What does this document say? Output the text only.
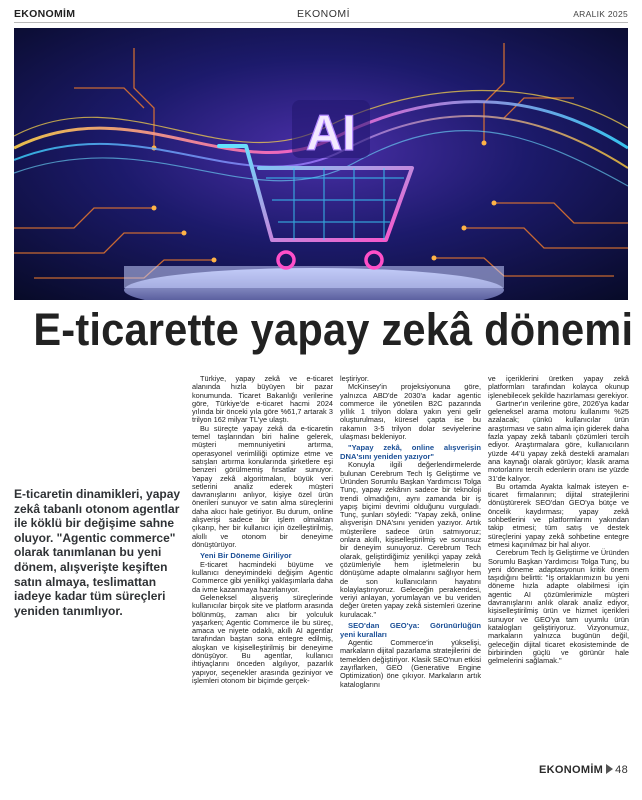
EKONOMİM	EKONOMİ	ARALIK 2025
AI
E-ticarette yapay zekâ dönemi
E-ticaretin dinamikleri, yapay zekâ tabanlı otonom agentlar ile köklü bir değişime sahne oluyor. "Agentic commerce" olarak tanımlanan bu yeni dönem, alışverişte keşiften satın almaya, teslimattan iadeye kadar tüm süreçleri yeniden tanımlıyor.

Türkiye, yapay zekâ ve e-ticaret alanında hızla büyüyen bir pazar konumunda. Ticaret Bakanlığı verilerine göre, Türkiye'de e-ticaret hacmi 2024 yılında bir önceki yıla göre %61,7 artarak 3 trilyon 162 milyar TL'ye ulaştı.

Bu süreçte yapay zekâ da e-ticaretin temel taşlarından biri haline gelerek, müşteri memnuniyetini artırma, operasyonel verimliliği optimize etme ve satışları artırma konularında şirketlere eşi benzeri görülmemiş fırsatlar sunuyor. Yapay zekâ algoritmaları, büyük veri setlerini analiz ederek müşteri davranışlarını anlıyor, kişiye özel ürün önerileri sunuyor ve satın alma süreçlerini daha akıcı hale getiriyor. Bu durum, online alışverişi sadece bir işlem olmaktan çıkarıp, her bir kullanıcı için özelleştirilmiş, akıllı ve otonom bir deneyime dönüştürüyor.

Yeni Bir Döneme Giriliyor

E-ticaret hacmindeki büyüme ve kullanıcı deneyimindeki değişim Agentic Commerce gibi yenilikçi yaklaşımlarla daha da ivme kazanmaya hazırlanıyor.

Geleneksel alışveriş süreçlerinde kullanıcılar birçok site ve platform arasında bölünmüş, zaman alıcı bir yolculuk yaşarken; Agentic Commerce ile bu süreç, amaca ve niyete odaklı, akıllı AI agentlar tarafından baştan sona entegre edilmiş, akışkan ve kişiselleştirilmiş bir deneyime dönüşüyor. Bu agentlar, kullanıcı ihtiyaçlarını önceden algılıyor, pazarlık yapıyor, seçenekler arasında geziniyor ve işlemleri otonom bir biçimde gerçek-

leştiriyor.

McKinsey'in projeksiyonuna göre, yalnızca ABD'de 2030'a kadar agentic commerce ile yönetilen B2C pazarında yıllık 1 trilyon dolara yakın yeni gelir oluşturulması, küresel çapta ise bu rakamın 3-5 trilyon dolar seviyelerine ulaşması bekleniyor.

"Yapay zekâ, online alışverişin DNA'sını yeniden yazıyor"

Konuyla ilgili değerlendirmelerde bulunan Cerebrum Tech İş Geliştirme ve Üründen Sorumlu Başkan Yardımcısı Tolga Tunç, yapay zekânın sadece bir teknoloji trendi olmadığını, aynı zamanda bir iş yapış biçimi devrimi olduğunu vurguladı. Tunç, şunları söyledi: "Yapay zekâ, online alışverişin DNA'sını yeniden yazıyor. Artık müşterilere sadece ürün satmıyoruz; onlara akıllı, kişiselleştirilmiş ve sorunsuz bir deneyim sunuyoruz. Cerebrum Tech olarak, geliştirdiğimiz yenilikçi yapay zekâ çözümleriyle hem işletmelerin bu dönüşüme adapte olmalarını sağlıyor hem de son kullanıcıların hayatını kolaylaştırıyoruz. Geleceğin perakendesi, veriyi anlayan, yorumlayan ve bu veriden değer üreten yapay zekâ sistemleri üzerine kurulacak."

SEO'dan GEO'ya: Görünürlüğün yeni kuralları

Agentic Commerce'in yükselişi, markaların dijital pazarlama stratejilerini de temelden değiştiriyor. Klasik SEO'nun etkisi zayıflarken, GEO (Generative Engine Optimization) öne çıkıyor. Markaların artık kataloglarını

ve içeriklerini üretken yapay zekâ platformları tarafından kolayca okunup işlenebilecek şekilde hazırlaması gerekiyor.

Gartner'ın verilerine göre, 2026'ya kadar geleneksel arama motoru kullanımı %25 azalacak; çünkü kullanıcılar ürün araştırması ve satın alma için giderek daha fazla yapay zekâ tabanlı çözümleri tercih ediyor. Araştırmalara göre, kullanıcıların yüzde 44'ü yapay zekâ destekli aramaları ana kaynağı olarak görüyor; klasik arama motorlarını tercih edenlerin oranı ise yüzde 31'de kalıyor.

Bu ortamda Ayakta kalmak isteyen e-ticaret firmalarının; dijital stratejilerini dönüştürerek SEO'dan GEO'ya bütçe ve öncelik kaydırması; yapay zekâ sohbetlerini ve platformlarını yakından takip etmesi; tüm satış ve destek süreçlerini yapay zekâ sohbetine entegre etmesi kaçınılmaz bir hal alıyor.

Cerebrum Tech İş Geliştirme ve Üründen Sorumlu Başkan Yardımcısı Tolga Tunç, bu yeni döneme adaptasyonun kritik önem taşıdığını belirtti: "İş ortaklarımızın bu yeni döneme hızla adapte olabilmesi için agentic AI çözümlerimizle müşteri davranışlarını anlık olarak analiz ediyor, kişiselleştirilmiş ürün ve hizmet içerikleri sunuyor ve GEO'ya tam uyumlu ürün katalogları geliştiriyoruz. Vizyonumuz, markaların yalnızca bugünün değil, geleceğin dijital ticaret ekosisteminde de birbirinden güçlü ve görünür hale gelmelerini sağlamak."

EKONOMİM 48
